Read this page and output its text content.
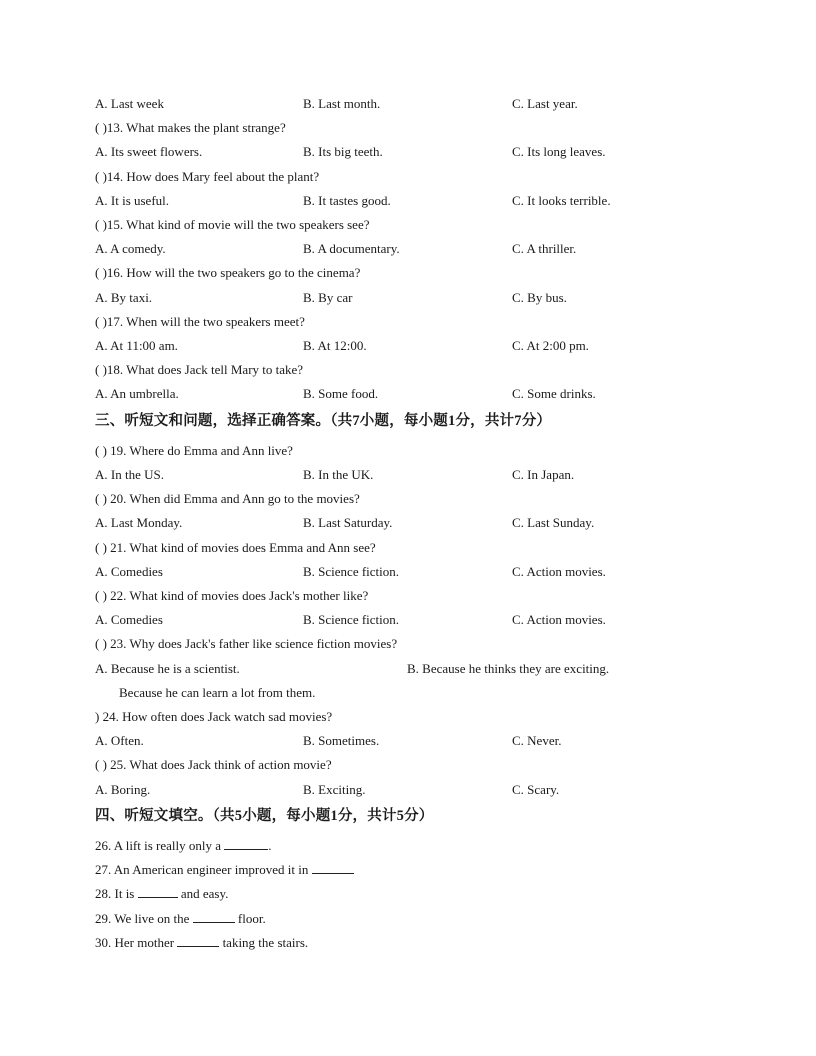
A. Last week	B. Last month.	C. Last year.
( )13. What makes the plant strange?
A. Its sweet flowers.	B. Its big teeth.	C. Its long leaves.
( )14. How does Mary feel about the plant?
A. It is useful.	B. It tastes good.	C. It looks terrible.
( )15. What kind of movie will the two speakers see?
A. A comedy.	B. A documentary.	C. A thriller.
( )16. How will the two speakers go to the cinema?
A. By taxi.	B. By car	C. By bus.
( )17. When will the two speakers meet?
A. At 11:00 am.	B. At 12:00.	C. At 2:00 pm.
( )18. What does Jack tell Mary to take?
A. An umbrella.	B. Some food.	C. Some drinks.
三、听短文和问题，选择正确答案。（共7小题，每小题1分，共计7分）
( ) 19. Where do Emma and Ann live?
A. In the US.	B. In the UK.	C. In Japan.
( ) 20. When did Emma and Ann go to the movies?
A. Last Monday.	B. Last Saturday.	C. Last Sunday.
( ) 21. What kind of movies does Emma and Ann see?
A. Comedies	B. Science fiction.	C. Action movies.
( ) 22. What kind of movies does Jack's mother like?
A. Comedies	B. Science fiction.	C. Action movies.
( ) 23. Why does Jack's father like science fiction movies?
A. Because he is a scientist.	B. Because he thinks they are exciting.
Because he can learn a lot from them.
) 24. How often does Jack watch sad movies?
A. Often.	B. Sometimes.	C. Never.
( ) 25. What does Jack think of action movie?
A. Boring.	B. Exciting.	C. Scary.
四、听短文填空。（共5小题，每小题1分，共计5分）
26. A lift is really only a	.
27. An American engineer improved it in
28. It is	and easy.
29. We live on the	floor.
30. Her mother	taking the stairs.
